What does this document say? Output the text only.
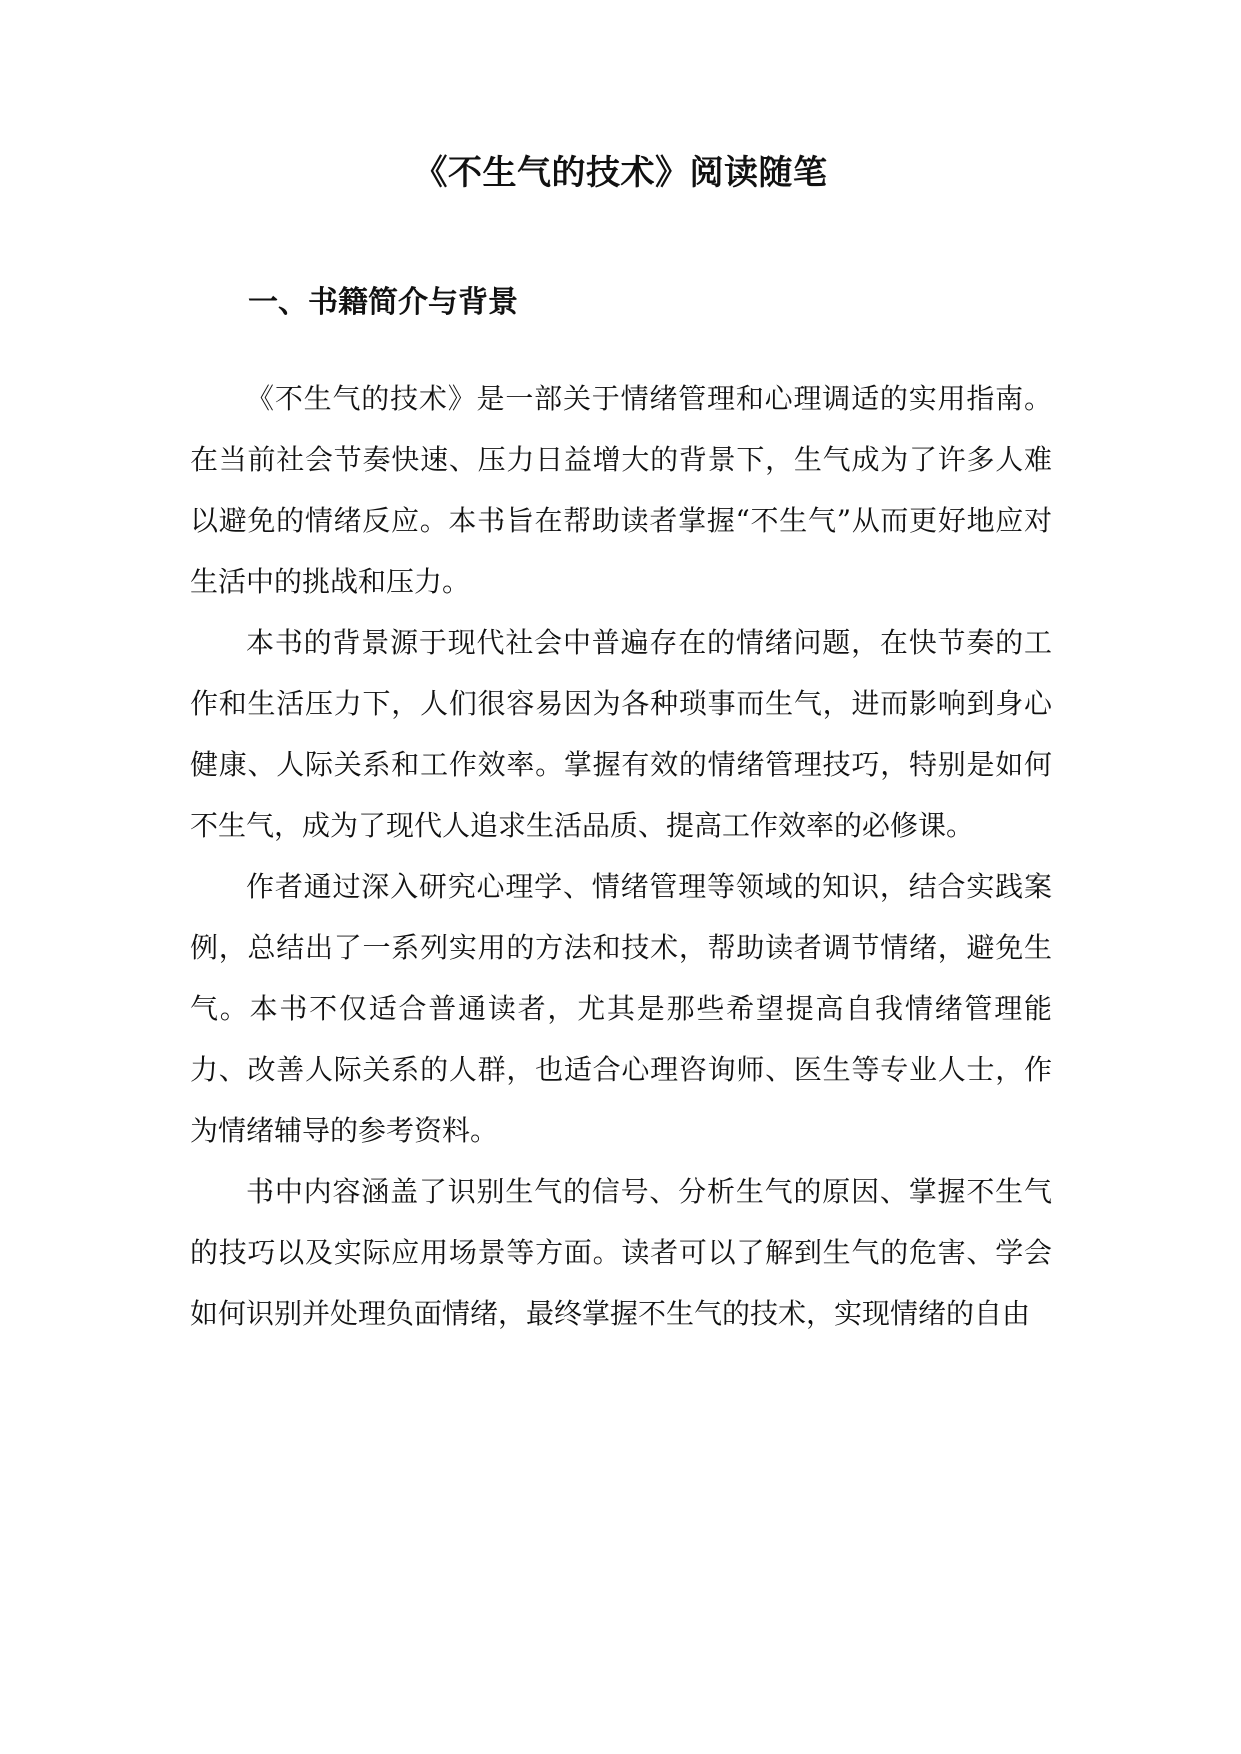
《不生气的技术》阅读随笔
一、书籍简介与背景

《不生气的技术》是一部关于情绪管理和心理调适的实用指南。在当前社会节奏快速、压力日益增大的背景下，生气成为了许多人难以避免的情绪反应。本书旨在帮助读者掌握“不生气”从而更好地应对生活中的挑战和压力。

本书的背景源于现代社会中普遍存在的情绪问题，在快节奏的工作和生活压力下，人们很容易因为各种琐事而生气，进而影响到身心健康、人际关系和工作效率。掌握有效的情绪管理技巧，特别是如何不生气，成为了现代人追求生活品质、提高工作效率的必修课。

作者通过深入研究心理学、情绪管理等领域的知识，结合实践案例，总结出了一系列实用的方法和技术，帮助读者调节情绪，避免生气。本书不仅适合普通读者，尤其是那些希望提高自我情绪管理能力、改善人际关系的人群，也适合心理咨询师、医生等专业人士，作为情绪辅导的参考资料。

书中内容涵盖了识别生气的信号、分析生气的原因、掌握不生气的技巧以及实际应用场景等方面。读者可以了解到生气的危害、学会如何识别并处理负面情绪，最终掌握不生气的技术，实现情绪的自由
